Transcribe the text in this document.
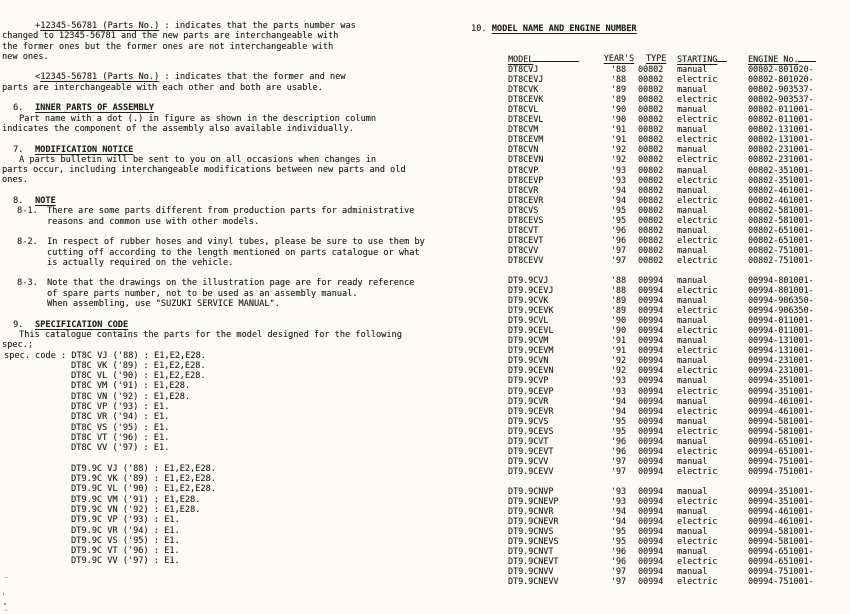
+12345-56781 (Parts No.) : indicates that the parts number was
changed to 12345-56781 and the new parts are interchangeable with
the former ones but the former ones are not interchangeable with
new ones.
<12345-56781 (Parts No.) : indicates that the former and new
parts are interchangeable with each other and both are usable.
6. INNER PARTS OF ASSEMBLY
Part name with a dot (.) in figure as shown in the description column
indicates the component of the assembly also available individually.
7. MODIFICATION NOTICE
A parts bulletin will be sent to you on all occasions when changes in
parts occur, including interchangeable modifications between new parts and old
ones.
8. NOTE
8-1. There are some parts different from production parts for administrative
reasons and common use with other models.
8-2. In respect of rubber hoses and vinyl tubes, please be sure to use them by
cutting off according to the length mentioned on parts catalogue or what
is actually required on the vehicle.
8-3. Note that the drawings on the illustration page are for ready reference
of spare parts number, not to be used as an assembly manual.
When assembling, use "SUZUKI SERVICE MANUAL".
9. SPECIFICATION CODE
This catalogue contains the parts for the model designed for the following
spec.;
spec. code : DT8C VJ ('88) : E1,E2,E28.
DT8C VK ('89) : E1,E2,E28.
DT8C VL ('90) : E1,E2,E28.
DT8C VM ('91) : E1,E28.
DT8C VN ('92) : E1,E28.
DT8C VP ('93) : E1.
DT8C VR ('94) : E1.
DT8C VS ('95) : E1.
DT8C VT ('96) : E1.
DT8C VV ('97) : E1.
DT9.9C VJ ('88) : E1,E2,E28.
DT9.9C VK ('89) : E1,E2,E28.
DT9.9C VL ('90) : E1,E2,E28.
DT9.9C VM ('91) : E1,E28.
DT9.9C VN ('92) : E1,E28.
DT9.9C VP ('93) : E1.
DT9.9C VR ('94) : E1.
DT9.9C VS ('95) : E1.
DT9.9C VT ('96) : E1.
DT9.9C VV ('97) : E1.
10. MODEL NAME AND ENGINE NUMBER
MODEL	YEAR'S	TYPE	STARTING	ENGINE No.
DT8CVJ	'88	00802	manual	00802-801020-
DT8CEVJ	'88	00802	electric	00802-801020-
DT8CVK	'89	00802	manual	00802-903537-
DT8CEVK	'89	00802	electric	00802-903537-
DT8CVL	'90	00802	manual	00802-011001-
DT8CEVL	'90	00802	electric	00802-011001-
DT8CVM	'91	00802	manual	00802-131001-
DT8CEVM	'91	00802	electric	00802-131001-
DT8CVN	'92	00802	manual	00802-231001-
DT8CEVN	'92	00802	electric	00802-231001-
DT8CVP	'93	00802	manual	00802-351001-
DT8CEVP	'93	00802	electric	00802-351001-
DT8CVR	'94	00802	manual	00802-461001-
DT8CEVR	'94	00802	electric	00802-461001-
DT8CVS	'95	00802	manual	00802-581001-
DT8CEVS	'95	00802	electric	00802-581001-
DT8CVT	'96	00802	manual	00802-651001-
DT8CEVT	'96	00802	electric	00802-651001-
DT8CVV	'97	00802	manual	00802-751001-
DT8CEVV	'97	00802	electric	00802-751001-
DT9.9CVJ	'88	00994	manual	00994-801001-
DT9.9CEVJ	'88	00994	electric	00994-801001-
DT9.9CVK	'89	00994	manual	00994-906350-
DT9.9CEVK	'89	00994	electric	00994-906350-
DT9.9CVL	'90	00994	manual	00994-011001-
DT9.9CEVL	'90	00994	electric	00994-011001-
DT9.9CVM	'91	00994	manual	00994-131001-
DT9.9CEVM	'91	00994	electric	00994-131001-
DT9.9CVN	'92	00994	manual	00994-231001-
DT9.9CEVN	'92	00994	electric	00994-231001-
DT9.9CVP	'93	00994	manual	00994-351001-
DT9.9CEVP	'93	00994	electric	00994-351001-
DT9.9CVR	'94	00994	manual	00994-461001-
DT9.9CEVR	'94	00994	electric	00994-461001-
DT9.9CVS	'95	00994	manual	00994-581001-
DT9.9CEVS	'95	00994	electric	00994-581001-
DT9.9CVT	'96	00994	manual	00994-651001-
DT9.9CEVT	'96	00994	electric	00994-651001-
DT9.9CVV	'97	00994	manual	00994-751001-
DT9.9CEVV	'97	00994	electric	00994-751001-
DT9.9CNVP	'93	00994	manual	00994-351001-
DT9.9CNEVP	'93	00994	electric	00994-351001-
DT9.9CNVR	'94	00994	manual	00994-461001-
DT9.9CNEVR	'94	00994	electric	00994-461001-
DT9.9CNVS	'95	00994	manual	00994-581001-
DT9.9CNEVS	'95	00994	electric	00994-581001-
DT9.9CNVT	'96	00994	manual	00994-651001-
DT9.9CNEVT	'96	00994	electric	00994-651001-
DT9.9CNVV	'97	00994	manual	00994-751001-
DT9.9CNEVV	'97	00994	electric	00994-751001-
